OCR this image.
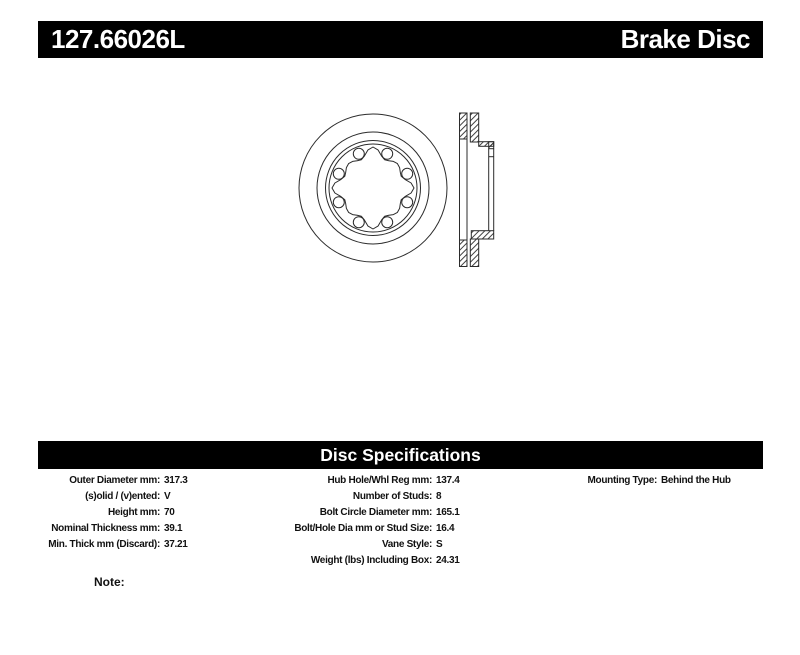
127.66026L	Brake Disc
Disc Specifications
Outer Diameter mm: 317.3
(s)olid / (v)ented: V
Height mm: 70
Nominal Thickness mm: 39.1
Min. Thick mm (Discard): 37.21
Hub Hole/Whl Reg mm: 137.4
Number of Studs: 8
Bolt Circle Diameter mm: 165.1
Bolt/Hole Dia mm or Stud Size: 16.4
Vane Style: S
Weight (lbs) Including Box: 24.31
Mounting Type: Behind the Hub
Note:
